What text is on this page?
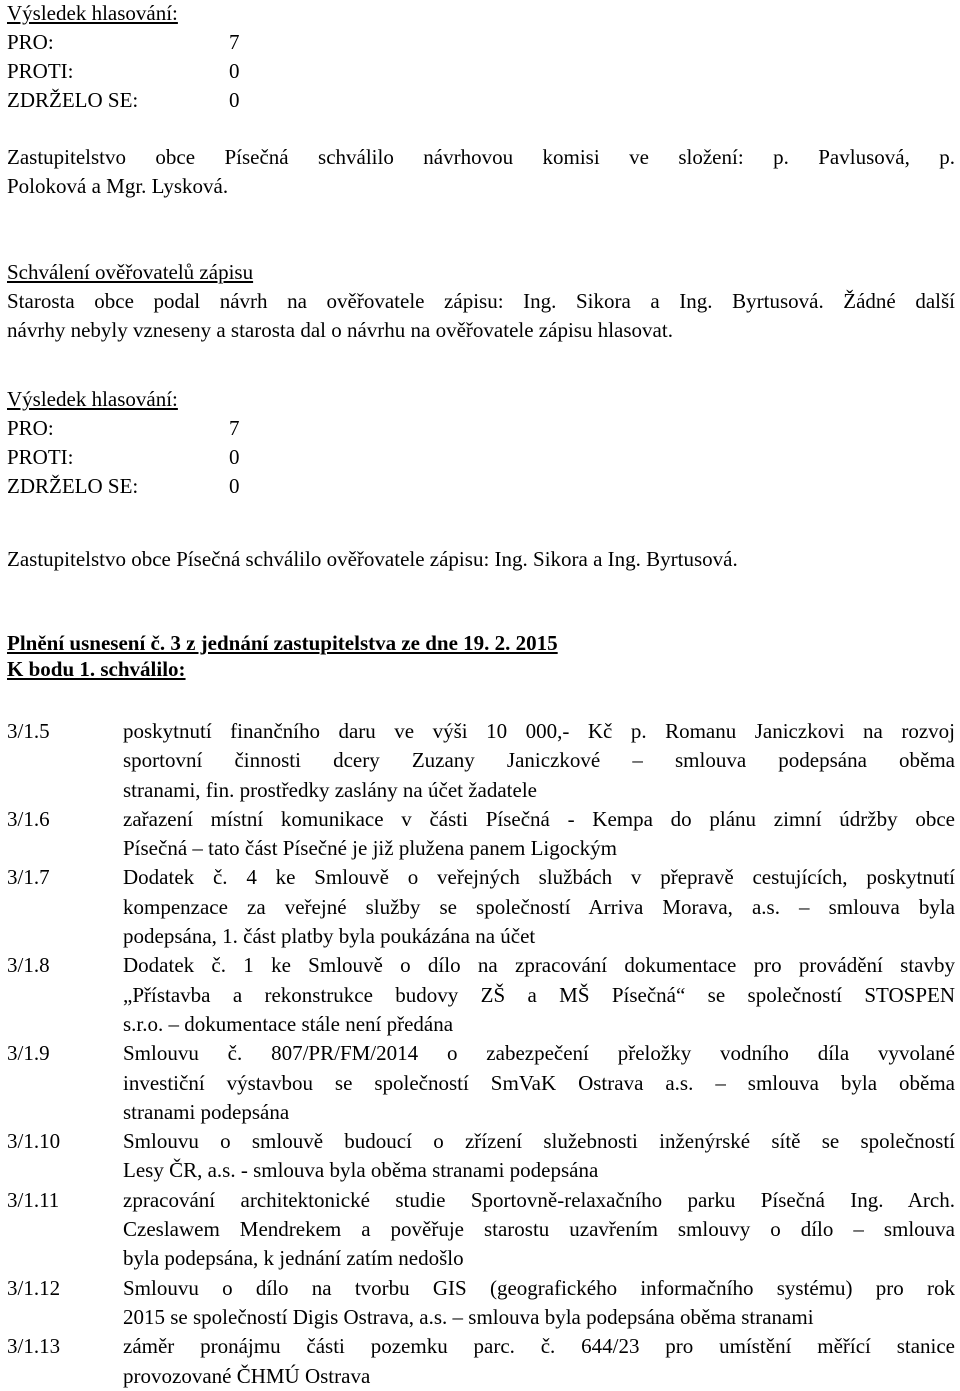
Výsledek hlasování:
PRO:	7
PROTI:	0
ZDRŽELO SE:	0
Zastupitelstvo obce Písečná schválilo návrhovou komisi ve složení: p. Pavlusová, p.
Poloková a Mgr. Lysková.
Schválení ověřovatelů zápisu
Starosta obce podal návrh na ověřovatele zápisu: Ing. Sikora a Ing. Byrtusová. Žádné další
návrhy nebyly vzneseny a starosta dal o návrhu na ověřovatele zápisu hlasovat.
Výsledek hlasování:
PRO:	7
PROTI:	0
ZDRŽELO SE:	0
Zastupitelstvo obce Písečná schválilo ověřovatele zápisu: Ing. Sikora a Ing. Byrtusová.
Plnění usnesení č. 3 z jednání zastupitelstva ze dne 19. 2. 2015
K bodu 1. schválilo:
3/1.5	poskytnutí finančního daru ve výši 10 000,- Kč p. Romanu Janiczkovi na rozvoj
sportovní činnosti dcery Zuzany Janiczkové – smlouva podepsána oběma
stranami, fin. prostředky zaslány na účet žadatele
3/1.6	zařazení místní komunikace v části Písečná - Kempa do plánu zimní údržby obce
Písečná – tato část Písečné je již plužena panem Ligockým
3/1.7	Dodatek č. 4 ke Smlouvě o veřejných službách v přepravě cestujících, poskytnutí
kompenzace za veřejné služby se společností Arriva Morava, a.s. – smlouva byla
podepsána, 1. část platby byla poukázána na účet
3/1.8	Dodatek č. 1 ke Smlouvě o dílo na zpracování dokumentace pro provádění stavby
„Přístavba a rekonstrukce budovy ZŠ a MŠ Písečná“ se společností STOSPEN
s.r.o. – dokumentace stále není předána
3/1.9	Smlouvu č. 807/PR/FM/2014 o zabezpečení přeložky vodního díla vyvolané
investiční výstavbou se společností SmVaK Ostrava a.s. – smlouva byla oběma
stranami podepsána
3/1.10	Smlouvu o smlouvě budoucí o zřízení služebnosti inženýrské sítě se společností
Lesy ČR, a.s. - smlouva byla oběma stranami podepsána
3/1.11	zpracování architektonické studie Sportovně-relaxačního parku Písečná Ing. Arch.
Czeslawem Mendrekem a pověřuje starostu uzavřením smlouvy o dílo – smlouva
byla podepsána, k jednání zatím nedošlo
3/1.12	Smlouvu o dílo na tvorbu GIS (geografického informačního systému) pro rok
2015 se společností Digis Ostrava, a.s. – smlouva byla podepsána oběma stranami
3/1.13	záměr pronájmu části pozemku parc. č. 644/23 pro umístění měřící stanice
provozované ČHMÚ Ostrava
